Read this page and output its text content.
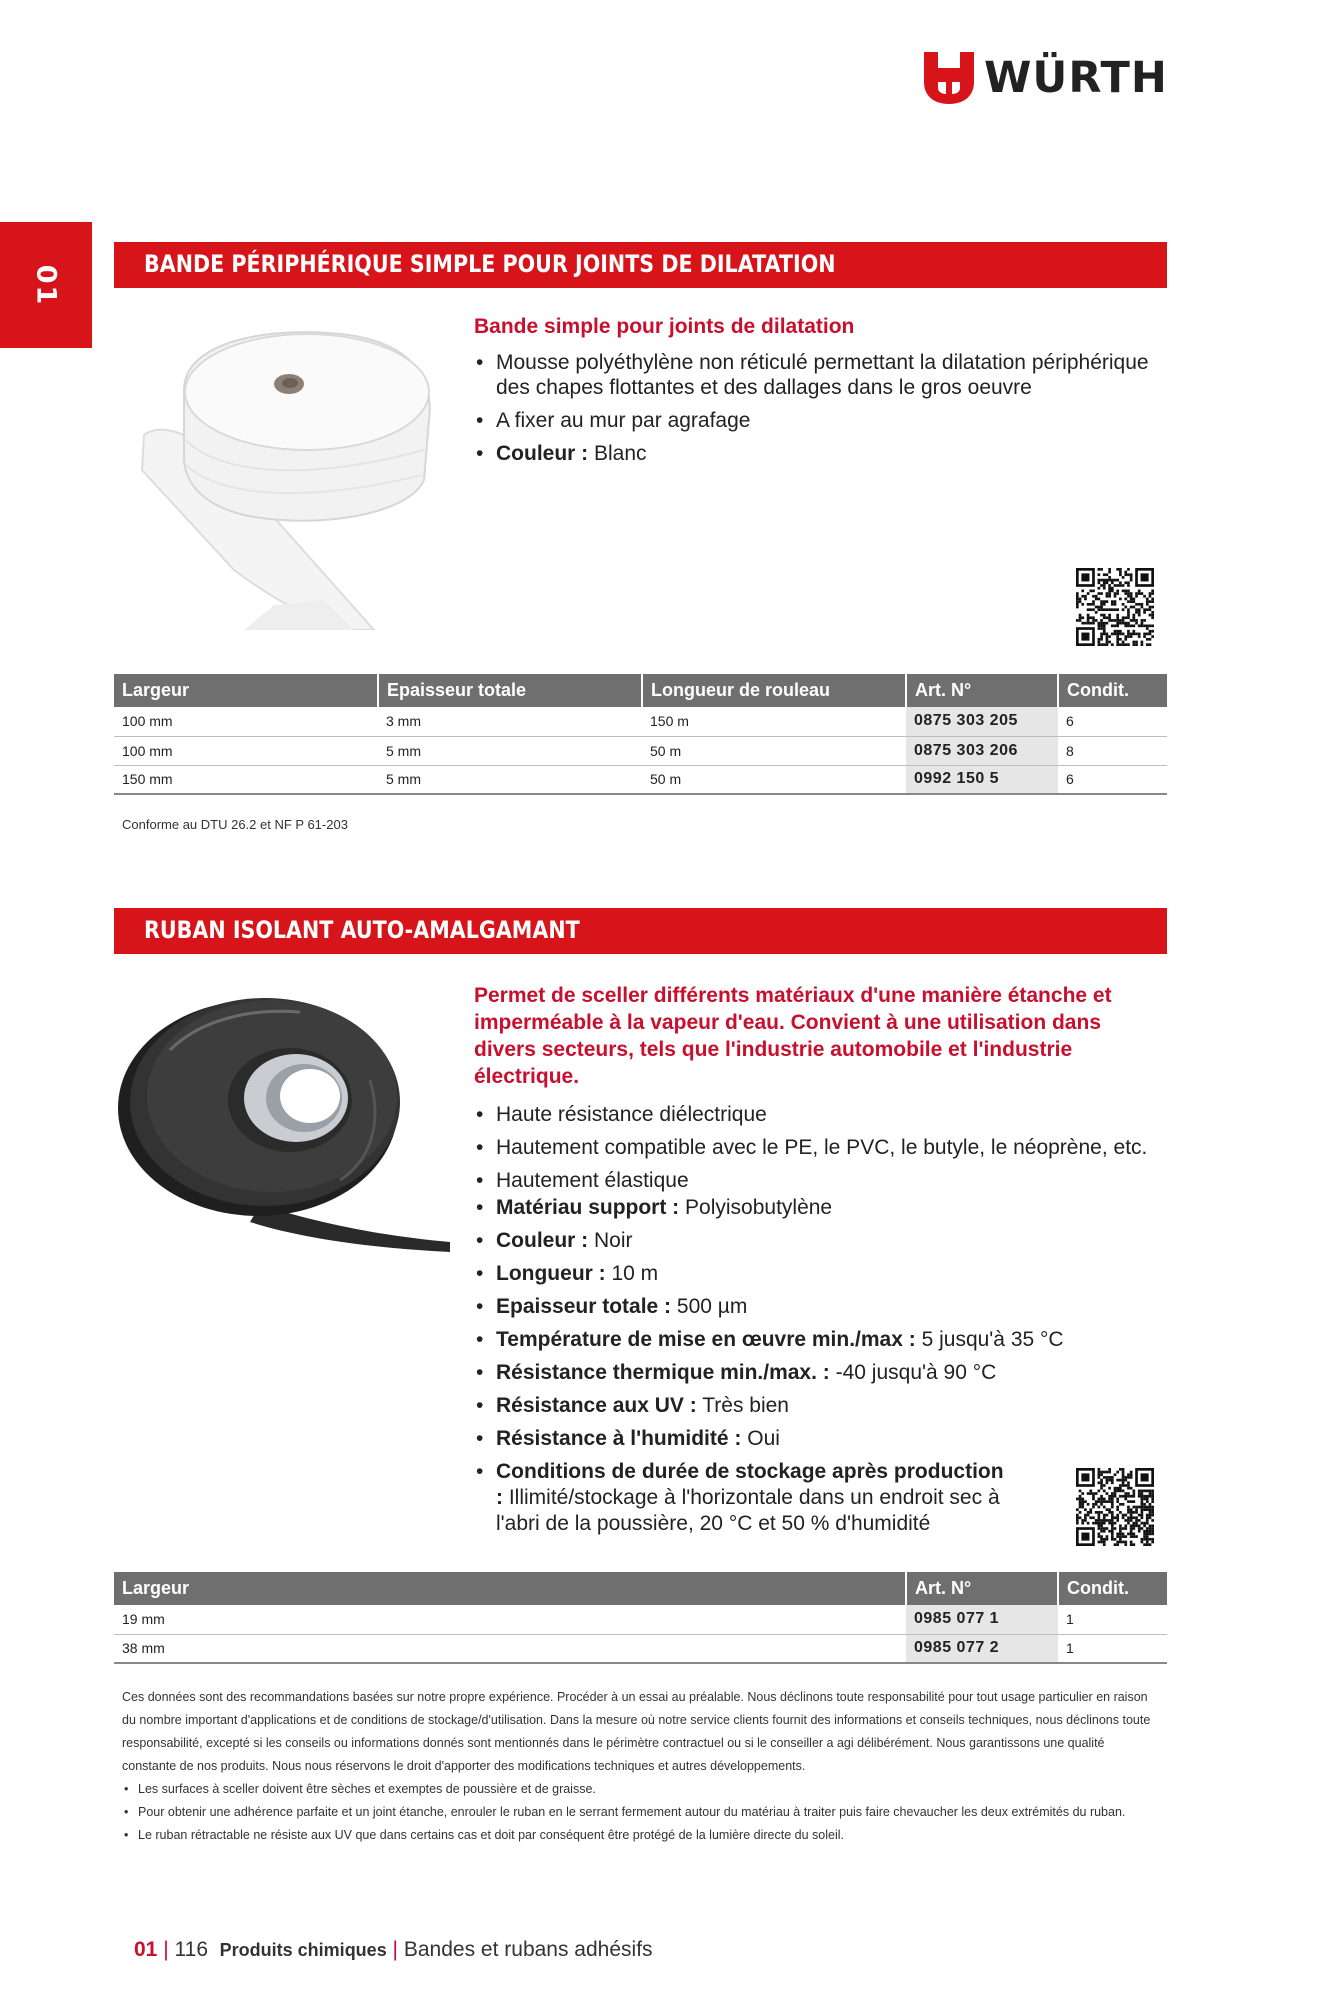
WÜRTH
01
BANDE PÉRIPHÉRIQUE SIMPLE POUR JOINTS DE DILATATION
Bande simple pour joints de dilatation
• Mousse polyéthylène non réticulé permettant la dilatation périphérique des chapes flottantes et des dallages dans le gros oeuvre
• A fixer au mur par agrafage
• Couleur : Blanc
Largeur	Epaisseur totale	Longueur de rouleau	Art. N°	Condit.
100 mm	3 mm	150 m	0875 303 205	6
100 mm	5 mm	50 m	0875 303 206	8
150 mm	5 mm	50 m	0992 150 5	6
Conforme au DTU 26.2 et NF P 61-203
RUBAN ISOLANT AUTO-AMALGAMANT
Permet de sceller différents matériaux d'une manière étanche et imperméable à la vapeur d'eau. Convient à une utilisation dans divers secteurs, tels que l'industrie automobile et l'industrie électrique.
• Haute résistance diélectrique
• Hautement compatible avec le PE, le PVC, le butyle, le néoprène, etc.
• Hautement élastique
• Matériau support : Polyisobutylène
• Couleur : Noir
• Longueur : 10 m
• Epaisseur totale : 500 µm
• Température de mise en œuvre min./max : 5 jusqu'à 35 °C
• Résistance thermique min./max. : -40 jusqu'à 90 °C
• Résistance aux UV : Très bien
• Résistance à l'humidité : Oui
• Conditions de durée de stockage après production : Illimité/stockage à l'horizontale dans un endroit sec à l'abri de la poussière, 20 °C et 50 % d'humidité
Largeur	Art. N°	Condit.
19 mm	0985 077 1	1
38 mm	0985 077 2	1

Ces données sont des recommandations basées sur notre propre expérience. Procéder à un essai au préalable. Nous déclinons toute responsabilité pour tout usage particulier en raison du nombre important d'applications et de conditions de stockage/d'utilisation. Dans la mesure où notre service clients fournit des informations et conseils techniques, nous déclinons toute responsabilité, excepté si les conseils ou informations donnés sont mentionnés dans le périmètre contractuel ou si le conseiller a agi délibérément. Nous garantissons une qualité constante de nos produits. Nous nous réservons le droit d'apporter des modifications techniques et autres développements.

• Les surfaces à sceller doivent être sèches et exemptes de poussière et de graisse.
• Pour obtenir une adhérence parfaite et un joint étanche, enrouler le ruban en le serrant fermement autour du matériau à traiter puis faire chevaucher les deux extrémités du ruban.
• Le ruban rétractable ne résiste aux UV que dans certains cas et doit par conséquent être protégé de la lumière directe du soleil.
01 | 116 Produits chimiques | Bandes et rubans adhésifs
